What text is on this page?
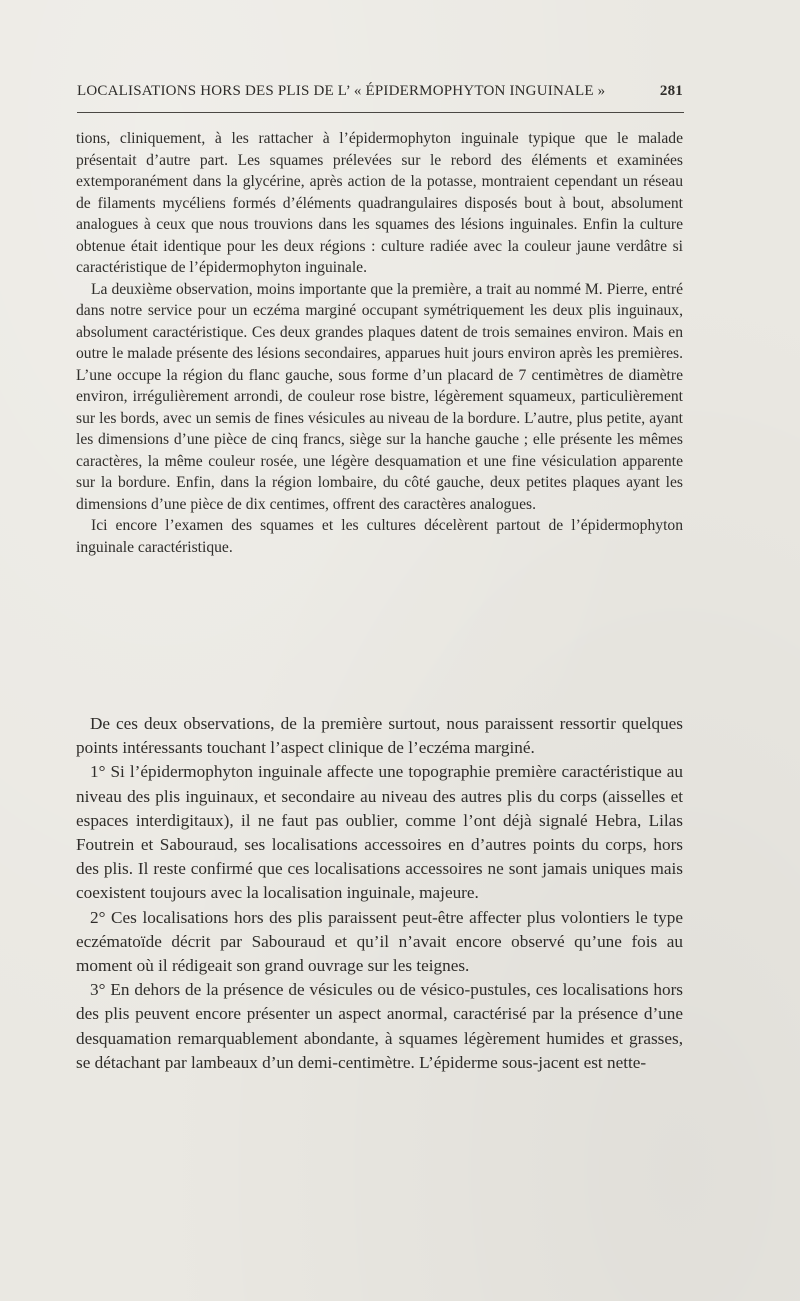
LOCALISATIONS HORS DES PLIS DE L’ « ÉPIDERMOPHYTON INGUINALE »	281

tions, cliniquement, à les rattacher à l’épidermophyton inguinale typique que le malade présentait d’autre part. Les squames prélevées sur le rebord des éléments et examinées extemporanément dans la glycérine, après action de la potasse, montraient cependant un réseau de filaments mycéliens formés d’éléments quadrangulaires disposés bout à bout, absolument analogues à ceux que nous trouvions dans les squames des lésions inguinales. Enfin la culture obtenue était identique pour les deux régions : culture radiée avec la couleur jaune verdâtre si caractéristique de l’épidermophyton inguinale.

La deuxième observation, moins importante que la première, a trait au nommé M. Pierre, entré dans notre service pour un eczéma marginé occupant symétriquement les deux plis inguinaux, absolument caractéristique. Ces deux grandes plaques datent de trois semaines environ. Mais en outre le malade présente des lésions secondaires, apparues huit jours environ après les premières. L’une occupe la région du flanc gauche, sous forme d’un placard de 7 centimètres de diamètre environ, irrégulièrement arrondi, de couleur rose bistre, légèrement squameux, particulièrement sur les bords, avec un semis de fines vésicules au niveau de la bordure. L’autre, plus petite, ayant les dimensions d’une pièce de cinq francs, siège sur la hanche gauche ; elle présente les mêmes caractères, la même couleur rosée, une légère desquamation et une fine vésiculation apparente sur la bordure. Enfin, dans la région lombaire, du côté gauche, deux petites plaques ayant les dimensions d’une pièce de dix centimes, offrent des caractères analogues.

Ici encore l’examen des squames et les cultures décelèrent partout de l’épidermophyton inguinale caractéristique.

De ces deux observations, de la première surtout, nous paraissent ressortir quelques points intéressants touchant l’aspect clinique de l’eczéma marginé.

1° Si l’épidermophyton inguinale affecte une topographie première caractéristique au niveau des plis inguinaux, et secondaire au niveau des autres plis du corps (aisselles et espaces interdigitaux), il ne faut pas oublier, comme l’ont déjà signalé Hebra, Lilas Foutrein et Sabouraud, ses localisations accessoires en d’autres points du corps, hors des plis. Il reste confirmé que ces localisations accessoires ne sont jamais uniques mais coexistent toujours avec la localisation inguinale, majeure.

2° Ces localisations hors des plis paraissent peut-être affecter plus volontiers le type eczématoïde décrit par Sabouraud et qu’il n’avait encore observé qu’une fois au moment où il rédigeait son grand ouvrage sur les teignes.

3° En dehors de la présence de vésicules ou de vésico-pustules, ces localisations hors des plis peuvent encore présenter un aspect anormal, caractérisé par la présence d’une desquamation remarquablement abondante, à squames légèrement humides et grasses, se détachant par lambeaux d’un demi-centimètre. L’épiderme sous-jacent est nette-
